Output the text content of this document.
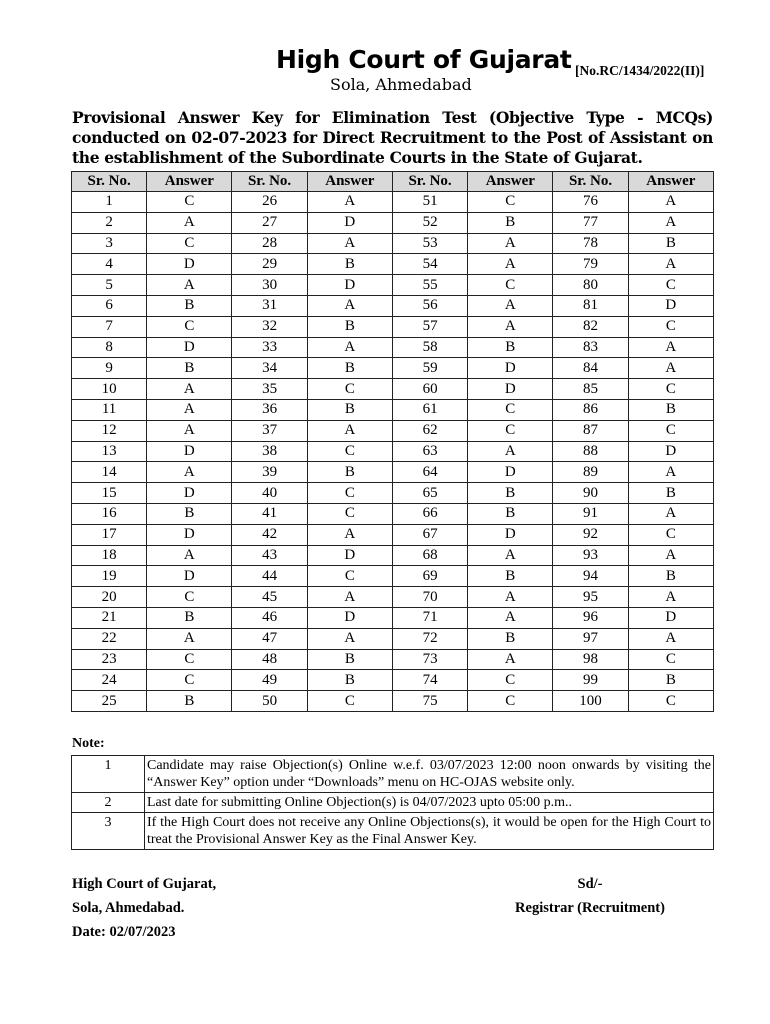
High Court of Gujarat
Sola, Ahmedabad
[No.RC/1434/2022(II)]
Provisional Answer Key for Elimination Test (Objective Type - MCQs) conducted on 02-07-2023 for Direct Recruitment to the Post of Assistant on the establishment of the Subordinate Courts in the State of Gujarat.
Sr. No.	Answer	Sr. No.	Answer	Sr. No.	Answer	Sr. No.	Answer
1	C	26	A	51	C	76	A
2	A	27	D	52	B	77	A
3	C	28	A	53	A	78	B
4	D	29	B	54	A	79	A
5	A	30	D	55	C	80	C
6	B	31	A	56	A	81	D
7	C	32	B	57	A	82	C
8	D	33	A	58	B	83	A
9	B	34	B	59	D	84	A
10	A	35	C	60	D	85	C
11	A	36	B	61	C	86	B
12	A	37	A	62	C	87	C
13	D	38	C	63	A	88	D
14	A	39	B	64	D	89	A
15	D	40	C	65	B	90	B
16	B	41	C	66	B	91	A
17	D	42	A	67	D	92	C
18	A	43	D	68	A	93	A
19	D	44	C	69	B	94	B
20	C	45	A	70	A	95	A
21	B	46	D	71	A	96	D
22	A	47	A	72	B	97	A
23	C	48	B	73	A	98	C
24	C	49	B	74	C	99	B
25	B	50	C	75	C	100	C
Note:
1	Candidate may raise Objection(s) Online w.e.f. 03/07/2023 12:00 noon onwards by visiting the “Answer Key” option under “Downloads” menu on HC-OJAS website only.
2	Last date for submitting Online Objection(s) is 04/07/2023 upto 05:00 p.m..
3	If the High Court does not receive any Online Objections(s), it would be open for the High Court to treat the Provisional Answer Key as the Final Answer Key.
High Court of Gujarat,
Sola, Ahmedabad.
Date: 02/07/2023
Sd/-
Registrar (Recruitment)
